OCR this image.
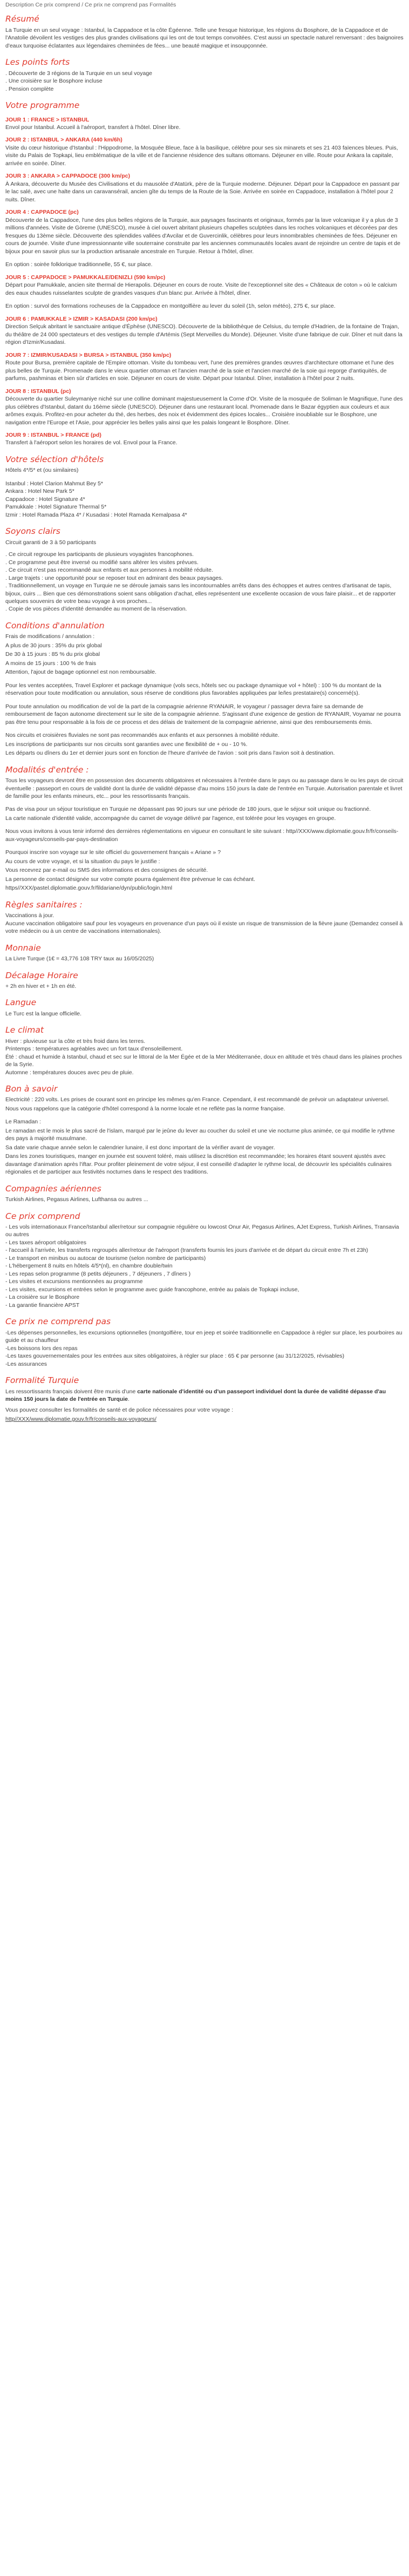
Description Ce prix comprend / Ce prix ne comprend pas Formalités

Résumé

La Turquie en un seul voyage : Istanbul, la Cappadoce et la côte Égéenne. Telle une fresque historique, les régions du Bosphore, de la Cappadoce et de l'Anatolie dévoilent les vestiges des plus grandes civilisations qui les ont de tout temps convoitées. C'est aussi un spectacle naturel renversant : des baignoires d'eaux turquoise éclatantes aux légendaires cheminées de fées... une beauté magique et insoupçonnée.

Les points forts

. Découverte de 3 régions de la Turquie en un seul voyage

. Une croisière sur le Bosphore incluse

. Pension complète

Votre programme
JOUR 1 : FRANCE > ISTANBUL

Envol pour Istanbul. Accueil à l'aéroport, transfert à l'hôtel. Dîner libre.

JOUR 2 : ISTANBUL > ANKARA (440 km/6h)

Visite du cœur historique d'Istanbul : l'Hippodrome, la Mosquée Bleue, face à la basilique, célèbre pour ses six minarets et ses 21 403 faïences bleues. Puis, visite du Palais de Topkapi, lieu emblématique de la ville et de l'ancienne résidence des sultans ottomans. Déjeuner en ville. Route pour Ankara la capitale, arrivée en soirée. Dîner.

JOUR 3 : ANKARA > CAPPADOCE (300 km/pc)

À Ankara, découverte du Musée des Civilisations et du mausolée d'Atatürk, père de la Turquie moderne. Déjeuner. Départ pour la Cappadoce en passant par le lac salé, avec une halte dans un caravansérail, ancien gîte du temps de la Route de la Soie. Arrivée en soirée en Cappadoce, installation à l'hôtel pour 2 nuits. Dîner.

JOUR 4 : CAPPADOCE (pc)

Découverte de la Cappadoce, l'une des plus belles régions de la Turquie, aux paysages fascinants et originaux, formés par la lave volcanique il y a plus de 3 millions d'années. Visite de Göreme (UNESCO), musée à ciel ouvert abritant plusieurs chapelles sculptées dans les roches volcaniques et décorées par des fresques du 13ème siècle. Découverte des splendides vallées d'Avcilar et de Guvercinlik, célèbres pour leurs innombrables cheminées de fées. Déjeuner en cours de journée. Visite d'une impressionnante ville souterraine construite par les anciennes communautés locales avant de rejoindre un centre de tapis et de bijoux pour en savoir plus sur la production artisanale ancestrale en Turquie. Retour à l'hôtel, dîner.

En option : soirée folklorique traditionnelle, 55 €, sur place.

JOUR 5 : CAPPADOCE > PAMUKKALE/DENIZLI (590 km/pc)

Départ pour Pamukkale, ancien site thermal de Hierapolis. Déjeuner en cours de route. Visite de l'exceptionnel site des « Châteaux de coton » où le calcium des eaux chaudes ruisselantes sculpte de grandes vasques d'un blanc pur. Arrivée à l'hôtel, dîner.

En option : survol des formations rocheuses de la Cappadoce en montgolfière au lever du soleil (1h, selon météo), 275 €, sur place.

JOUR 6 : PAMUKKALE > IZMIR > KASADASI (200 km/pc)

Direction Selçuk abritant le sanctuaire antique d'Éphèse (UNESCO). Découverte de la bibliothèque de Celsius, du temple d'Hadrien, de la fontaine de Trajan, du théâtre de 24 000 spectateurs et des vestiges du temple d'Artémis (Sept Merveilles du Monde). Déjeuner. Visite d'une fabrique de cuir. Dîner et nuit dans la région d'Izmir/Kusadasi.

JOUR 7 : IZMIR/KUSADASI > BURSA > ISTANBUL (350 km/pc)

Route pour Bursa, première capitale de l'Empire ottoman. Visite du tombeau vert, l'une des premières grandes œuvres d'architecture ottomane et l'une des plus belles de Turquie. Promenade dans le vieux quartier ottoman et l'ancien marché de la soie et l'ancien marché de la soie qui regorge d'antiquités, de parfums, pashminas et bien sûr d'articles en soie. Déjeuner en cours de visite. Départ pour Istanbul. Dîner, installation à l'hôtel pour 2 nuits.

JOUR 8 : ISTANBUL (pc)

Découverte du quartier Suleymaniye niché sur une colline dominant majestueusement la Corne d'Or. Visite de la mosquée de Soliman le Magnifique, l'une des plus célèbres d'Istanbul, datant du 16ème siècle (UNESCO). Déjeuner dans une restaurant local. Promenade dans le Bazar égyptien aux couleurs et aux arômes exquis. Profitez-en pour acheter du thé, des herbes, des noix et évidemment des épices locales... Croisière inoubliable sur le Bosphore, une navigation entre l'Europe et l'Asie, pour apprécier les belles yalis ainsi que les palais longeant le Bosphore. Dîner.

JOUR 9 : ISTANBUL > FRANCE (pd)

Transfert à l'aéroport selon les horaires de vol. Envol pour la France.

Votre sélection d'hôtels

Hôtels 4*/5* et (ou similaires)

Istanbul : Hotel Clarion Mahmut Bey 5*

Ankara : Hotel New Park 5*

Cappadoce : Hotel Signature 4*

Pamukkale : Hotel Signature Thermal 5*

Izmir : Hotel Ramada Plaza 4* / Kusadasi : Hotel Ramada Kemalpasa 4*

Soyons clairs

Circuit garanti de 3 à 50 participants

. Ce circuit regroupe les participants de plusieurs voyagistes francophones.

. Ce programme peut être inversé ou modifié sans altérer les visites prévues.

. Ce circuit n'est pas recommandé aux enfants et aux personnes à mobilité réduite.

. Large trajets : une opportunité pour se reposer tout en admirant des beaux paysages.

. Traditionnellement, un voyage en Turquie ne se déroule jamais sans les incontournables arrêts dans des échoppes et autres centres d'artisanat de tapis, bijoux, cuirs ... Bien que ces démonstrations soient sans obligation d'achat, elles représentent une excellente occasion de vous faire plaisir... et de rapporter quelques souvenirs de votre beau voyage à vos proches...

. Copie de vos pièces d'identité demandée au moment de la réservation.

Conditions d'annulation

Frais de modifications / annulation :

A plus de 30 jours : 35% du prix global

De 30 à 15 jours : 85 % du prix global

A moins de 15 jours : 100 % de frais

Attention, l'ajout de bagage optionnel est non remboursable.

Pour les ventes acceptées, Travel Explorer et package dynamique (vols secs, hôtels sec ou package dynamique vol + hôtel) : 100 % du montant de la réservation pour toute modification ou annulation, sous réserve de conditions plus favorables appliquées par le/les prestataire(s) concerné(s).

Pour toute annulation ou modification de vol de la part de la compagnie aérienne RYANAIR, le voyageur / passager devra faire sa demande de remboursement de façon autonome directement sur le site de la compagnie aérienne. S'agissant d'une exigence de gestion de RYANAIR, Voyamar ne pourra pas être tenu pour responsable à la fois de ce process et des délais de traitement de la compagnie aérienne, ainsi que des remboursements émis.

Nos circuits et croisières fluviales ne sont pas recommandés aux enfants et aux personnes à mobilité réduite.

Les inscriptions de participants sur nos circuits sont garanties avec une flexibilité de + ou - 10 %.

Les départs ou dîners du 1er et dernier jours sont en fonction de l'heure d'arrivée de l'avion : soit pris dans l'avion soit à destination.

Modalités d'entrée :

Tous les voyageurs devront être en possession des documents obligatoires et nécessaires à l'entrée dans le pays ou au passage dans le ou les pays de circuit éventuelle : passeport en cours de validité dont la durée de validité dépasse d'au moins 150 jours la date de l'entrée en Turquie. Autorisation parentale et livret de famille pour les enfants mineurs, etc... pour les ressortissants français.

Pas de visa pour un séjour touristique en Turquie ne dépassant pas 90 jours sur une période de 180 jours, que le séjour soit unique ou fractionné.

La carte nationale d'identité valide, accompagnée du carnet de voyage délivré par l'agence, est tolérée pour les voyages en groupe.

Nous vous invitons à vous tenir informé des dernières réglementations en vigueur en consultant le site suivant : http//XXX/www.diplomatie.gouv.fr/fr/conseils-aux-voyageurs/conseils-par-pays-destination

Pourquoi inscrire son voyage sur le site officiel du gouvernement français « Ariane » ?

Au cours de votre voyage, et si la situation du pays le justifie :

Vous recevrez par e-mail ou SMS des informations et des consignes de sécurité.

La personne de contact désignée sur votre compte pourra également être prévenue le cas échéant.

https//XXX/pastel.diplomatie.gouv.fr/fildariane/dyn/public/login.html

Règles sanitaires :

Vaccinations à jour.

Aucune vaccination obligatoire sauf pour les voyageurs en provenance d'un pays où il existe un risque de transmission de la fièvre jaune (Demandez conseil à votre médecin ou à un centre de vaccinations internationales).

Monnaie

La Livre Turque (1€ = 43,776 108 TRY taux au 16/05/2025)

Décalage Horaire

+ 2h en hiver et + 1h en été.

Langue

Le Turc est la langue officielle.

Le climat

Hiver : pluvieuse sur la côte et très froid dans les terres.

Printemps : températures agréables avec un fort taux d'ensoleillement.

Été : chaud et humide à Istanbul, chaud et sec sur le littoral de la Mer Égée et de la Mer Méditerranée, doux en altitude et très chaud dans les plaines proches de la Syrie.

Automne : températures douces avec peu de pluie.

Bon à savoir

Electricité : 220 volts. Les prises de courant sont en principe les mêmes qu'en France. Cependant, il est recommandé de prévoir un adaptateur universel.

Nous vous rappelons que la catégorie d'hôtel correspond à la norme locale et ne reflète pas la norme française.

Le Ramadan :

Le ramadan est le mois le plus sacré de l'islam, marqué par le jeûne du lever au coucher du soleil et une vie nocturne plus animée, ce qui modifie le rythme des pays à majorité musulmane.

Sa date varie chaque année selon le calendrier lunaire, il est donc important de la vérifier avant de voyager.

Dans les zones touristiques, manger en journée est souvent toléré, mais utilisez la discrétion est recommandée; les horaires étant souvent ajustés avec davantage d'animation après l'iftar. Pour profiter pleinement de votre séjour, il est conseillé d'adapter le rythme local, de découvrir les spécialités culinaires régionales et de participer aux festivités nocturnes dans le respect des traditions.

Compagnies aériennes

Turkish Airlines, Pegasus Airlines, Lufthansa ou autres ...

Ce prix comprend

- Les vols internationaux France/Istanbul aller/retour sur compagnie régulière ou lowcost Onur Air, Pegasus Airlines, AJet Express, Turkish Airlines, Transavia ou autres

- Les taxes aéroport obligatoires

- l'accueil à l'arrivée, les transferts regroupés aller/retour de l'aéroport (transferts fournis les jours d'arrivée et de départ du circuit entre 7h et 23h)

- Le transport en minibus ou autocar de tourisme (selon nombre de participants)

- L'hébergement 8 nuits en hôtels 4/5*(nl), en chambre double/twin

- Les repas selon programme (8 petits déjeuners , 7 déjeuners , 7 dîners )

- Les visites et excursions mentionnées au programme

- Les visites, excursions et entrées selon le programme avec guide francophone, entrée au palais de Topkapi incluse,

- La croisière sur le Bosphore

- La garantie financière APST

Ce prix ne comprend pas

-Les dépenses personnelles, les excursions optionnelles (montgolfière, tour en jeep et soirée traditionnelle en Cappadoce à régler sur place, les pourboires au guide et au chauffeur

-Les boissons lors des repas

-Les taxes gouvernementales pour les entrées aux sites obligatoires, à régler sur place : 65 € par personne (au 31/12/2025, révisables)

-Les assurances

Formalité Turquie

Les ressortissants français doivent être munis d'une carte nationale d'identité ou d'un passeport individuel dont la durée de validité dépasse d'au moins 150 jours la date de l'entrée en Turquie.

Vous pouvez consulter les formalités de santé et de police nécessaires pour votre voyage :

http//XXX/www.diplomatie.gouv.fr/fr/conseils-aux-voyageurs/
